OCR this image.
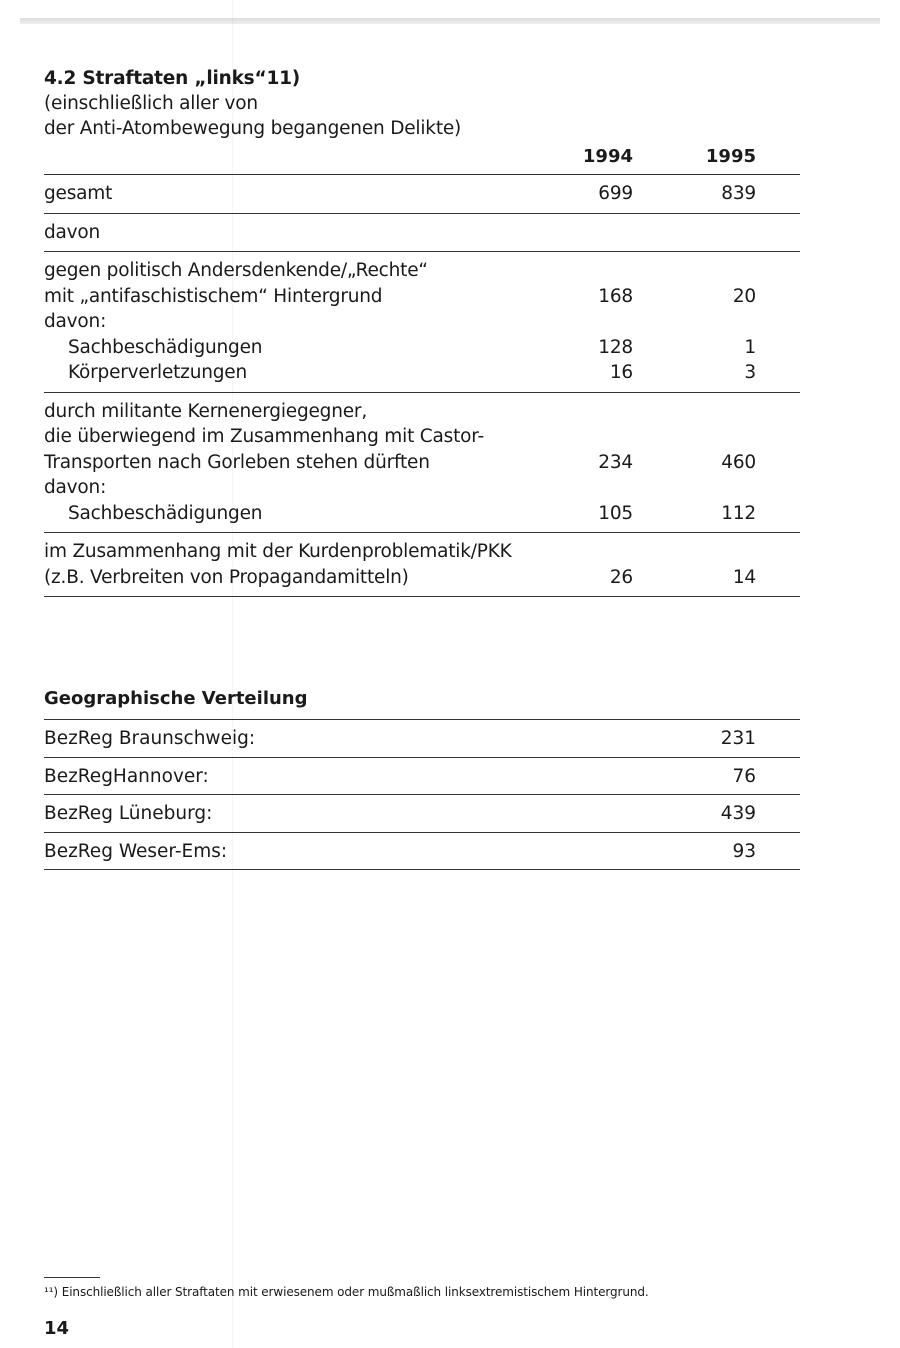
4.2 Straftaten „links“11)
(einschließlich aller von
der Anti-Atombewegung begangenen Delikte)
1994	1995
gesamt	699	839
davon
gegen politisch Andersdenkende/„Rechte“
mit „antifaschistischem“ Hintergrund	168	20
davon:
Sachbeschädigungen	128	1
Körperverletzungen	16	3
durch militante Kernenergiegegner,
die überwiegend im Zusammenhang mit Castor-
Transporten nach Gorleben stehen dürften	234	460
davon:
Sachbeschädigungen	105	112
im Zusammenhang mit der Kurdenproblematik/PKK
(z.B. Verbreiten von Propagandamitteln)	26	14
Geographische Verteilung
BezReg Braunschweig:	231
BezRegHannover:	76
BezReg Lüneburg:	439
BezReg Weser-Ems:	93
¹¹) Einschließlich aller Straftaten mit erwiesenem oder mußmaßlich linksextremistischem Hintergrund.
14
